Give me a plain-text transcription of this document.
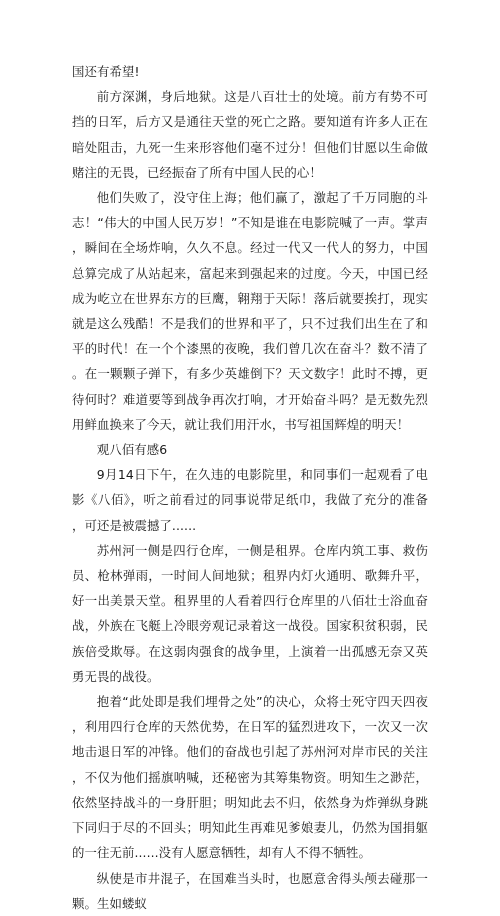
国还有希望!

前方深渊，身后地狱。这是八百壮士的处境。前方有势不可挡的日军，后方又是通往天堂的死亡之路。要知道有许多人正在暗处阻击，九死一生来形容他们毫不过分！但他们甘愿以生命做赌注的无畏，已经振奋了所有中国人民的心！

他们失败了，没守住上海；他们赢了，激起了千万同胞的斗志！“伟大的中国人民万岁！”不知是谁在电影院喊了一声。掌声，瞬间在全场炸响，久久不息。经过一代又一代人的努力，中国总算完成了从站起来，富起来到强起来的过度。今天，中国已经成为屹立在世界东方的巨鹰，翱翔于天际！落后就要挨打，现实就是这么残酷！不是我们的世界和平了，只不过我们出生在了和平的时代！在一个个漆黑的夜晚，我们曾几次在奋斗？数不清了。在一颗颗子弹下，有多少英雄倒下？天文数字！此时不搏，更待何时？难道要等到战争再次打响，才开始奋斗吗？是无数先烈用鲜血换来了今天，就让我们用汗水，书写祖国辉煌的明天！

观八佰有感6

9月14日下午，在久违的电影院里，和同事们一起观看了电影《八佰》，听之前看过的同事说带足纸巾，我做了充分的准备，可还是被震撼了......

苏州河一侧是四行仓库，一侧是租界。仓库内筑工事、救伤员、枪林弹雨，一时间人间地狱；租界内灯火通明、歌舞升平，好一出美景天堂。租界里的人看着四行仓库里的八佰壮士浴血奋战，外族在飞艇上冷眼旁观记录着这一战役。国家积贫积弱，民族倍受欺辱。在这弱肉强食的战争里，上演着一出孤感无奈又英勇无畏的战役。

抱着“此处即是我们埋骨之处”的决心，众将士死守四天四夜，利用四行仓库的天然优势，在日军的猛烈进攻下，一次又一次地击退日军的冲锋。他们的奋战也引起了苏州河对岸市民的关注，不仅为他们摇旗呐喊，还秘密为其筹集物资。明知生之渺茫，依然坚持战斗的一身肝胆；明知此去不归，依然身为炸弹纵身跳下同归于尽的不回头；明知此生再难见爹娘妻儿，仍然为国捐躯的一往无前......没有人愿意牺牲，却有人不得不牺牲。

纵使是市井混子，在国难当头时，也愿意舍得头颅去碰那一颗。生如蝼蚁
